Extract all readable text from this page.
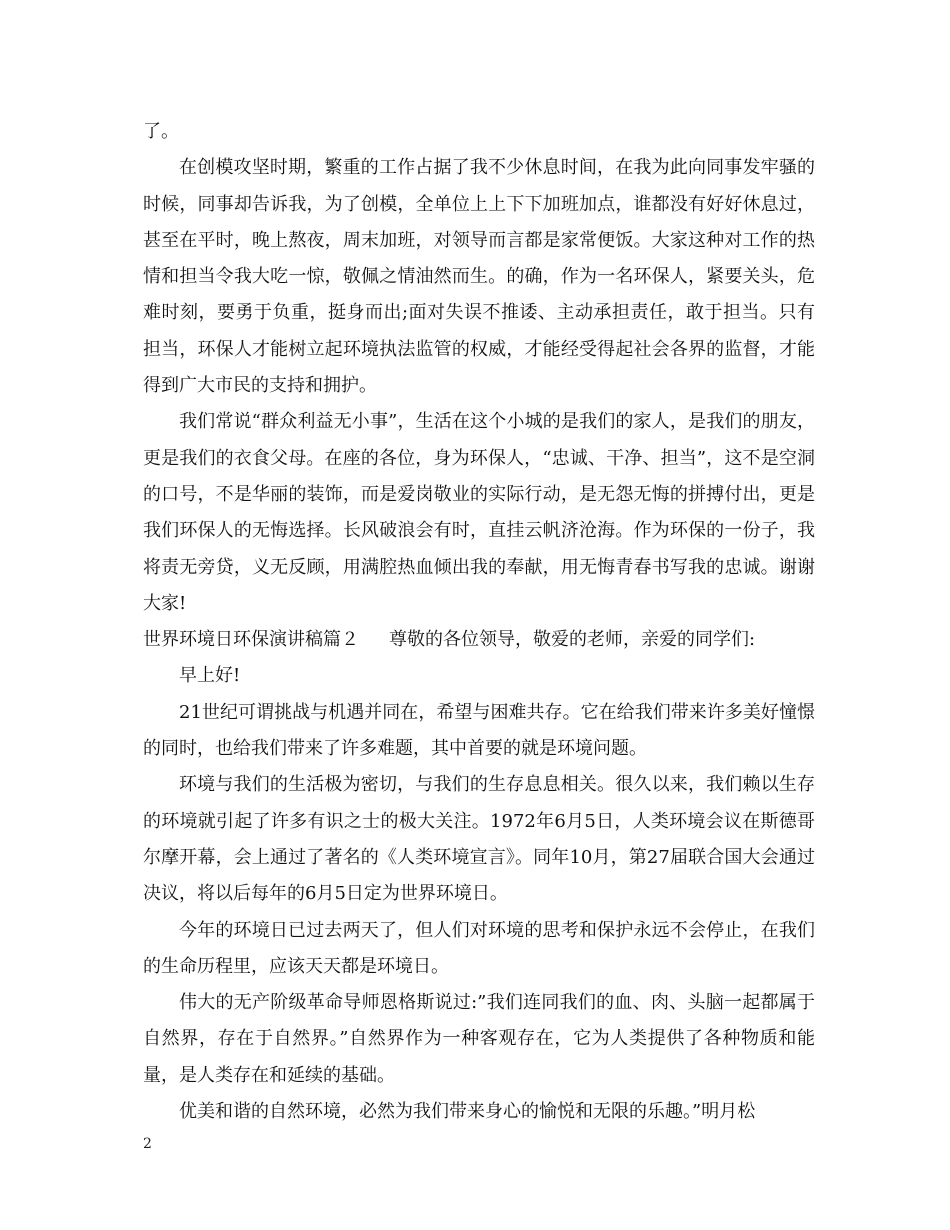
了。

在创模攻坚时期，繁重的工作占据了我不少休息时间，在我为此向同事发牢骚的时候，同事却告诉我，为了创模，全单位上上下下加班加点，谁都没有好好休息过，甚至在平时，晚上熬夜，周末加班，对领导而言都是家常便饭。大家这种对工作的热情和担当令我大吃一惊，敬佩之情油然而生。的确，作为一名环保人，紧要关头，危难时刻，要勇于负重，挺身而出;面对失误不推诿、主动承担责任，敢于担当。只有担当，环保人才能树立起环境执法监管的权威，才能经受得起社会各界的监督，才能得到广大市民的支持和拥护。

我们常说“群众利益无小事”，生活在这个小城的是我们的家人，是我们的朋友，更是我们的衣食父母。在座的各位，身为环保人，“忠诚、干净、担当”，这不是空洞的口号，不是华丽的装饰，而是爱岗敬业的实际行动，是无怨无悔的拼搏付出，更是我们环保人的无悔选择。长风破浪会有时，直挂云帆济沧海。作为环保的一份子，我将责无旁贷，义无反顾，用满腔热血倾出我的奉献，用无悔青春书写我的忠诚。谢谢大家!

世界环境日环保演讲稿篇２ 尊敬的各位领导，敬爱的老师，亲爱的同学们:

早上好!

21世纪可谓挑战与机遇并同在，希望与困难共存。它在给我们带来许多美好憧憬的同时，也给我们带来了许多难题，其中首要的就是环境问题。

环境与我们的生活极为密切，与我们的生存息息相关。很久以来，我们赖以生存的环境就引起了许多有识之士的极大关注。1972年6月5日，人类环境会议在斯德哥尔摩开幕，会上通过了著名的《人类环境宣言》。同年10月，第27届联合国大会通过决议，将以后每年的6月5日定为世界环境日。

今年的环境日已过去两天了，但人们对环境的思考和保护永远不会停止，在我们的生命历程里，应该天天都是环境日。

伟大的无产阶级革命导师恩格斯说过:”我们连同我们的血、肉、头脑一起都属于自然界，存在于自然界。”自然界作为一种客观存在，它为人类提供了各种物质和能量，是人类存在和延续的基础。

优美和谐的自然环境，必然为我们带来身心的愉悦和无限的乐趣。”明月松

2
